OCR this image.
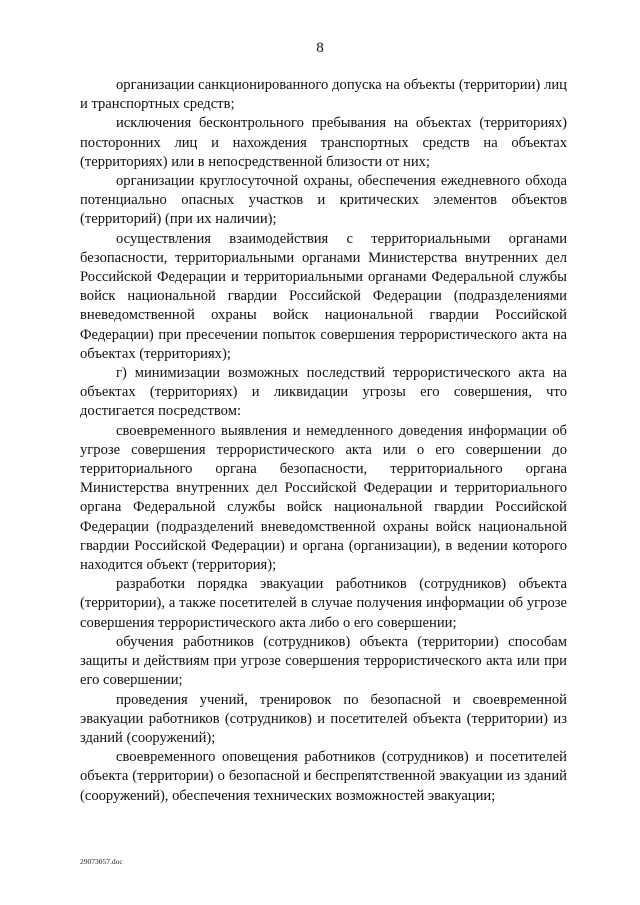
8

организации санкционированного допуска на объекты (территории) лиц и транспортных средств;

исключения бесконтрольного пребывания на объектах (территориях) посторонних лиц и нахождения транспортных средств на объектах (территориях) или в непосредственной близости от них;

организации круглосуточной охраны, обеспечения ежедневного обхода потенциально опасных участков и критических элементов объектов (территорий) (при их наличии);

осуществления взаимодействия с территориальными органами безопасности, территориальными органами Министерства внутренних дел Российской Федерации и территориальными органами Федеральной службы войск национальной гвардии Российской Федерации (подразделениями вневедомственной охраны войск национальной гвардии Российской Федерации) при пресечении попыток совершения террористического акта на объектах (территориях);

г) минимизации возможных последствий террористического акта на объектах (территориях) и ликвидации угрозы его совершения, что достигается посредством:

своевременного выявления и немедленного доведения информации об угрозе совершения террористического акта или о его совершении до территориального органа безопасности, территориального органа Министерства внутренних дел Российской Федерации и территориального органа Федеральной службы войск национальной гвардии Российской Федерации (подразделений вневедомственной охраны войск национальной гвардии Российской Федерации) и органа (организации), в ведении которого находится объект (территория);

разработки порядка эвакуации работников (сотрудников) объекта (территории), а также посетителей в случае получения информации об угрозе совершения террористического акта либо о его совершении;

обучения работников (сотрудников) объекта (территории) способам защиты и действиям при угрозе совершения террористического акта или при его совершении;

проведения учений, тренировок по безопасной и своевременной эвакуации работников (сотрудников) и посетителей объекта (территории) из зданий (сооружений);

своевременного оповещения работников (сотрудников) и посетителей объекта (территории) о безопасной и беспрепятственной эвакуации из зданий (сооружений), обеспечения технических возможностей эвакуации;

29073057.doc
